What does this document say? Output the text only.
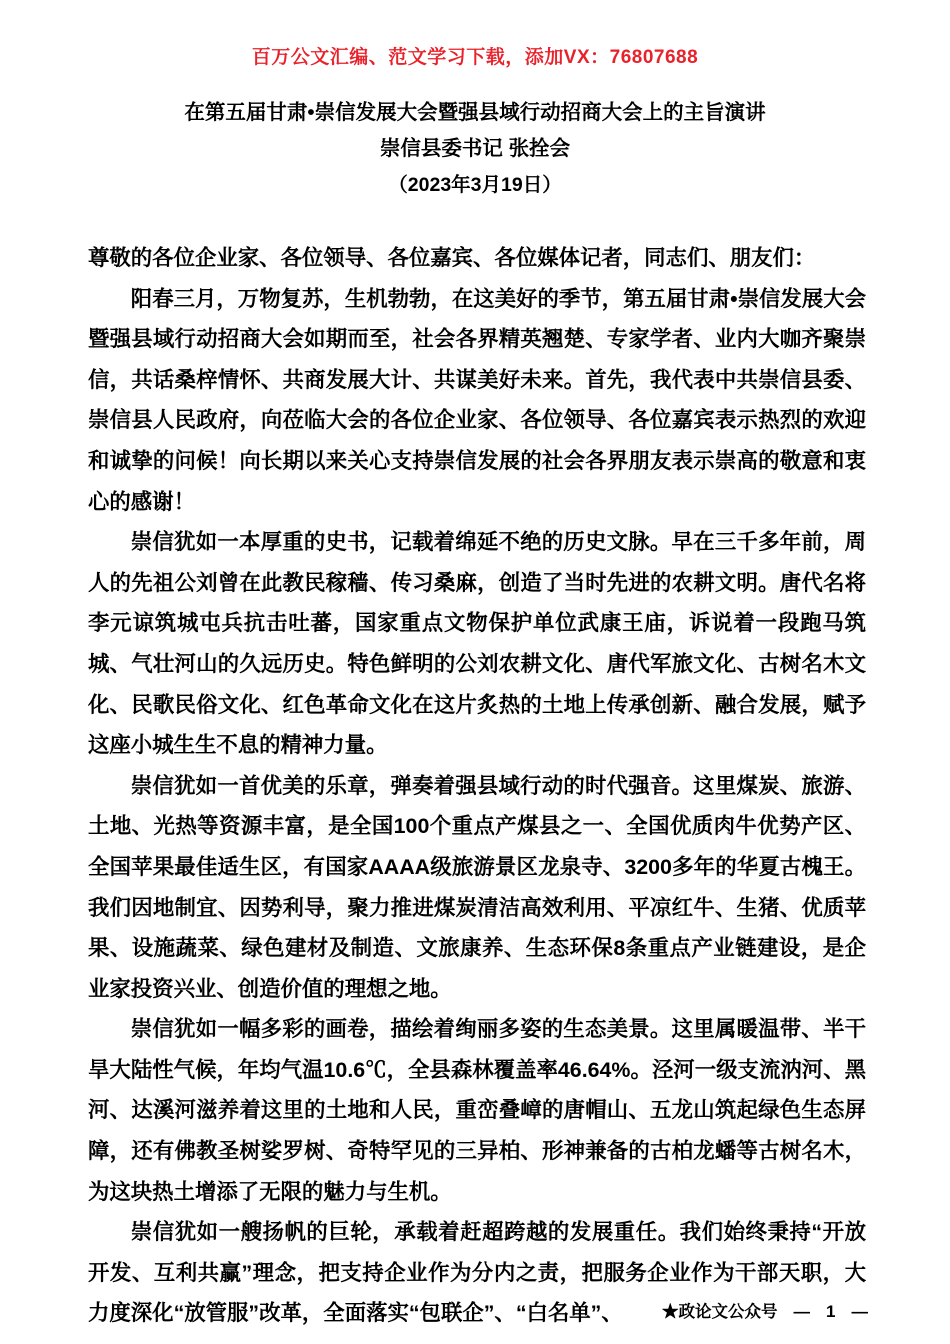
百万公文汇编、范文学习下载，添加VX：76807688
在第五届甘肃•崇信发展大会暨强县域行动招商大会上的主旨演讲
崇信县委书记 张拴会
（2023年3月19日）

尊敬的各位企业家、各位领导、各位嘉宾、各位媒体记者，同志们、朋友们：

阳春三月，万物复苏，生机勃勃，在这美好的季节，第五届甘肃•崇信发展大会暨强县域行动招商大会如期而至，社会各界精英翘楚、专家学者、业内大咖齐聚崇信，共话桑梓情怀、共商发展大计、共谋美好未来。首先，我代表中共崇信县委、崇信县人民政府，向莅临大会的各位企业家、各位领导、各位嘉宾表示热烈的欢迎和诚挚的问候！向长期以来关心支持崇信发展的社会各界朋友表示崇高的敬意和衷心的感谢！

崇信犹如一本厚重的史书，记载着绵延不绝的历史文脉。早在三千多年前，周人的先祖公刘曾在此教民稼穑、传习桑麻，创造了当时先进的农耕文明。唐代名将李元谅筑城屯兵抗击吐蕃，国家重点文物保护单位武康王庙，诉说着一段跑马筑城、气壮河山的久远历史。特色鲜明的公刘农耕文化、唐代军旅文化、古树名木文化、民歌民俗文化、红色革命文化在这片炙热的土地上传承创新、融合发展，赋予这座小城生生不息的精神力量。

崇信犹如一首优美的乐章，弹奏着强县域行动的时代强音。这里煤炭、旅游、土地、光热等资源丰富，是全国100个重点产煤县之一、全国优质肉牛优势产区、全国苹果最佳适生区，有国家AAAA级旅游景区龙泉寺、3200多年的华夏古槐王。我们因地制宜、因势利导，聚力推进煤炭清洁高效利用、平凉红牛、生猪、优质苹果、设施蔬菜、绿色建材及制造、文旅康养、生态环保8条重点产业链建设，是企业家投资兴业、创造价值的理想之地。

崇信犹如一幅多彩的画卷，描绘着绚丽多姿的生态美景。这里属暖温带、半干旱大陆性气候，年均气温10.6℃，全县森林覆盖率46.64%。泾河一级支流汭河、黑河、达溪河滋养着这里的土地和人民，重峦叠嶂的唐帽山、五龙山筑起绿色生态屏障，还有佛教圣树娑罗树、奇特罕见的三异柏、形神兼备的古柏龙蟠等古树名木，为这块热土增添了无限的魅力与生机。

崇信犹如一艘扬帆的巨轮，承载着赶超跨越的发展重任。我们始终秉持“开放开发、互利共赢”理念，把支持企业作为分内之责，把服务企业作为干部天职，大力度深化“放管服”改革，全面落实“包联企”、“白名单”、	★政论文公众号 — 1 —
